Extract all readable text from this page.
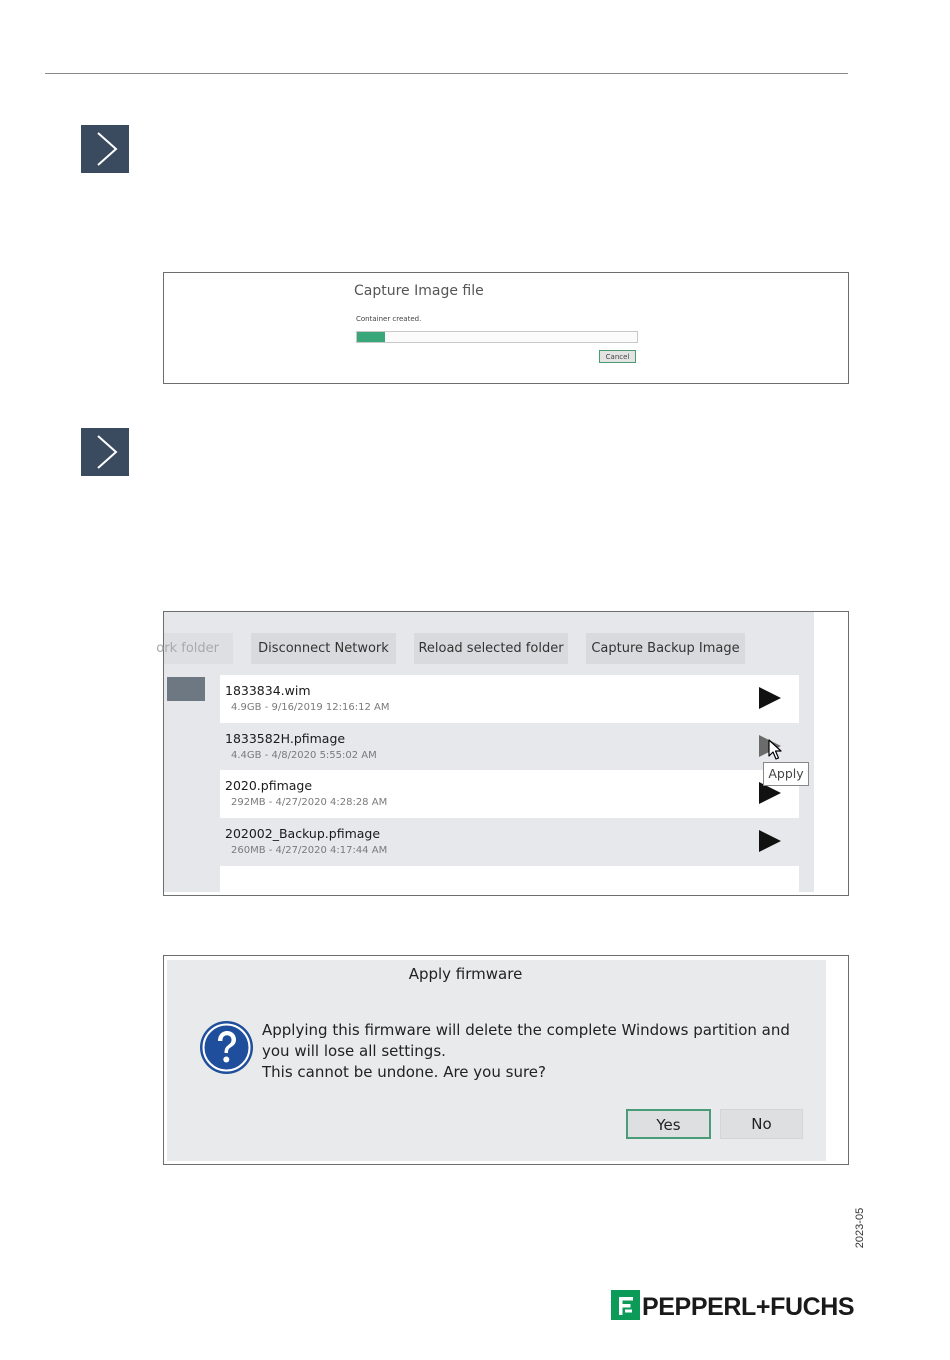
Capture Image file
Container created.
Cancel
ork folder	Disconnect Network	Reload selected folder	Capture Backup Image
1833834.wim
4.9GB - 9/16/2019 12:16:12 AM
1833582H.pfimage
4.4GB - 4/8/2020 5:55:02 AM
2020.pfimage
292MB - 4/27/2020 4:28:28 AM
202002_Backup.pfimage
260MB - 4/27/2020 4:17:44 AM
Apply
Apply firmware

Applying this firmware will delete the complete Windows partition and you will lose all settings.

This cannot be undone. Are you sure?

Yes	No
2023-05
PEPPERL+FUCHS
